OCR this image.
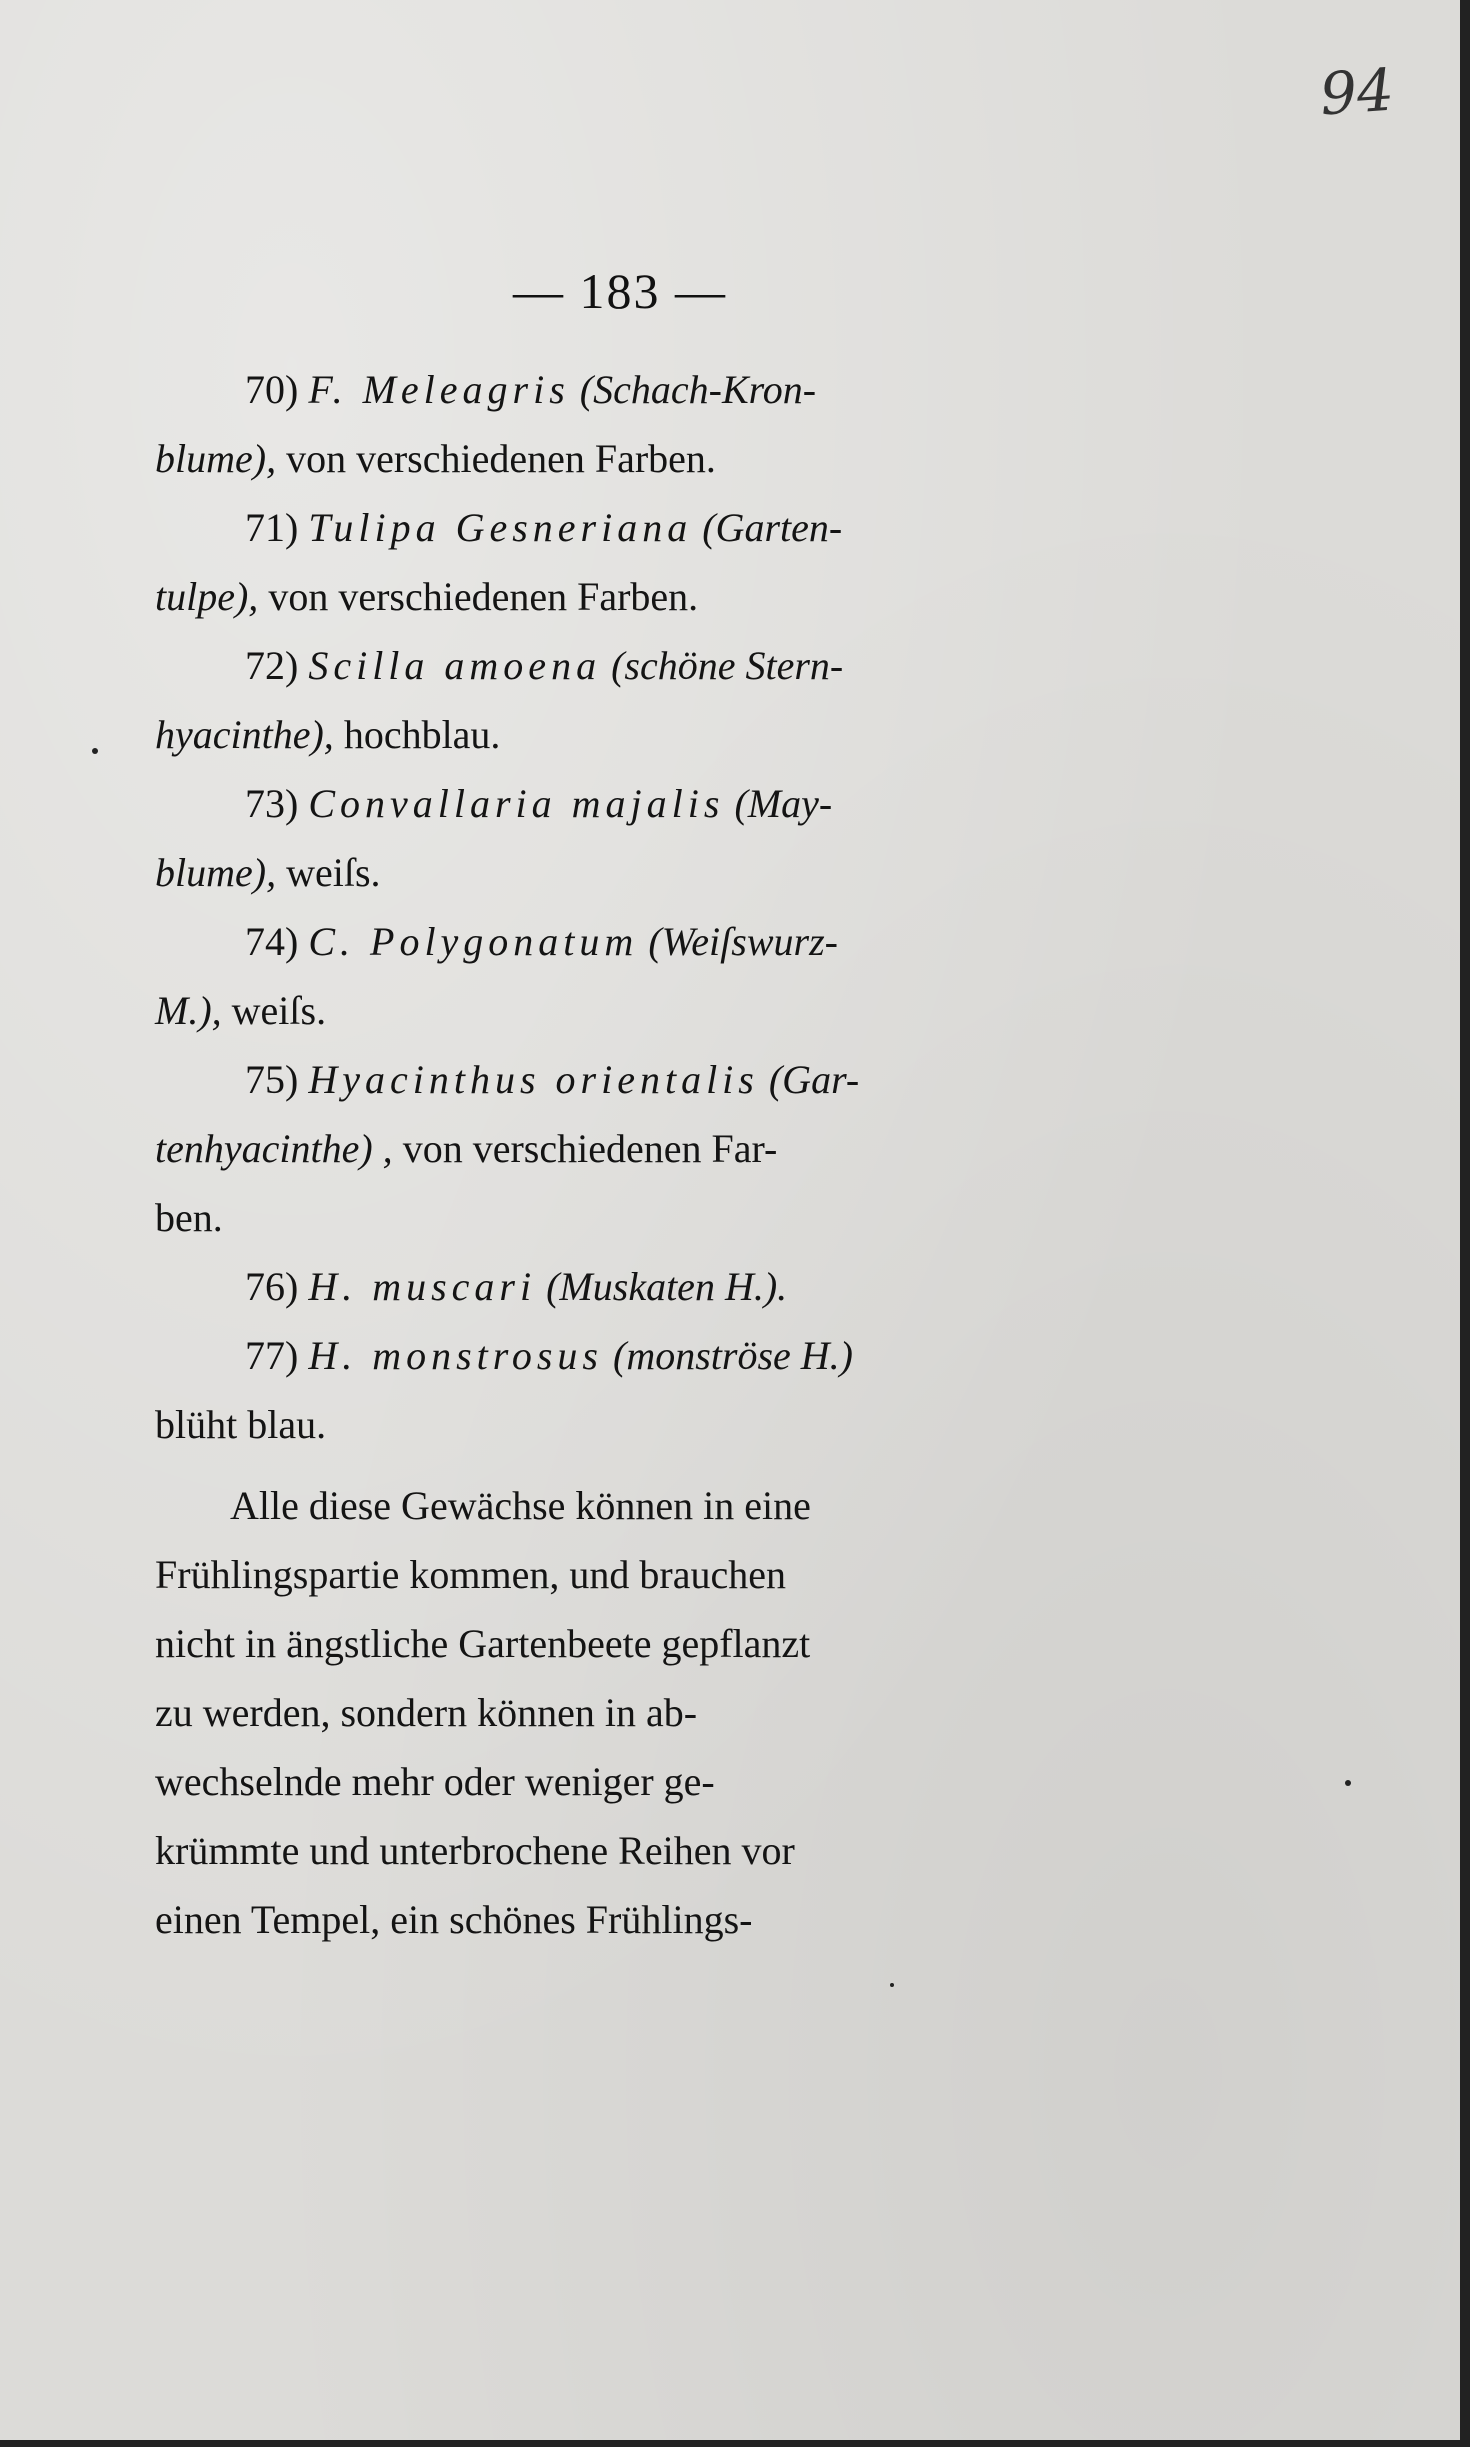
94
— 183 —
70) F. Meleagris (Schach-Kron-
blume), von verschiedenen Farben.
71) Tulipa Gesneriana (Garten-
tulpe), von verschiedenen Farben.
72) Scilla amoena (schöne Stern-
hyacinthe), hochblau.
73) Convallaria majalis (May-
blume), weiſs.
74) C. Polygonatum (Weiſswurz-
M.), weiſs.
75) Hyacinthus orientalis (Gar-
tenhyacinthe) , von verschiedenen Far-
ben.
76) H. muscari (Muskaten H.).
77) H. monstrosus (monströse H.)
blüht blau.
Alle diese Gewächse können in eine
Frühlingspartie kommen, und brauchen
nicht in ängstliche Gartenbeete gepflanzt
zu werden, sondern können in ab-
wechselnde mehr oder weniger ge-
krümmte und unterbrochene Reihen vor
einen Tempel, ein schönes Frühlings-
